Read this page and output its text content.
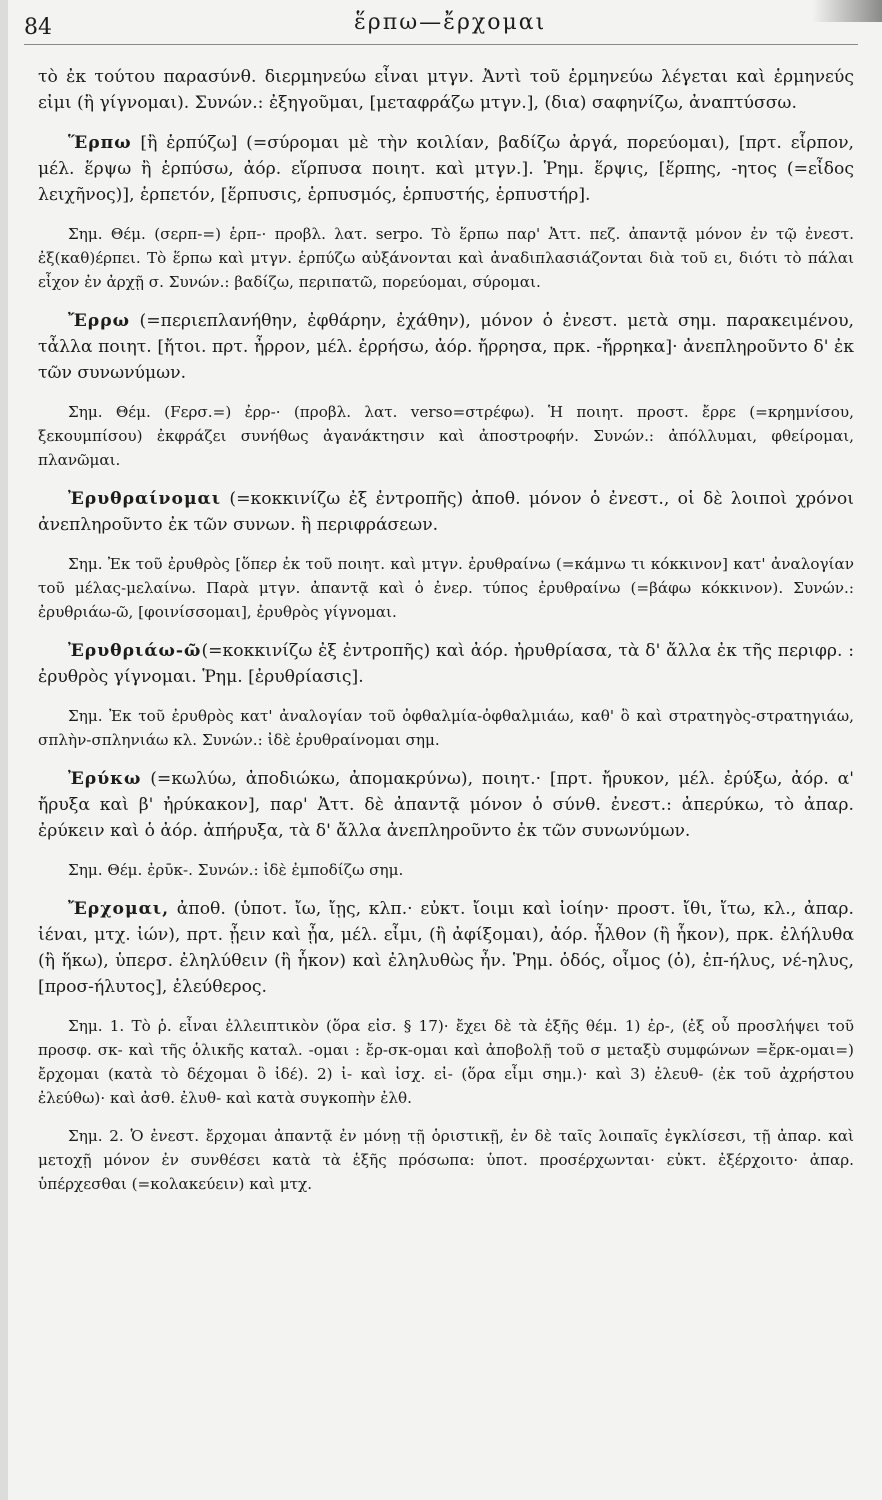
84	ἕρπω—ἔρχομαι
τὸ ἐκ τούτου παρασύνθ. διερμηνεύω εἶναι μτγν. Ἀντὶ τοῦ ἑρμηνεύω λέγεται καὶ ἑρμηνεύς εἰμι (ἢ γίγνομαι). Συνών.: ἐξηγοῦμαι, [μεταφράζω μτγν.], (δια) σαφηνίζω, ἀναπτύσσω.
Ἕρπω [ἢ ἑρπύζω] (=σύρομαι μὲ τὴν κοιλίαν, βαδίζω ἀργά, πορεύομαι), [πρτ. εἷρπον, μέλ. ἕρψω ἢ ἑρπύσω, ἀόρ. εἵρπυσα ποιητ. καὶ μτγν.]. Ῥημ. ἕρψις, [ἕρπης, -ητος (=εἶδος λειχῆνος)], ἑρπετόν, [ἕρπυσις, ἑρπυσμός, ἑρπυστής, ἑρπυστήρ].
Σημ. Θέμ. (σερπ-=) ἑρπ-· προβλ. λατ. serpo. Τὸ ἕρπω παρ' Ἀττ. πεζ. ἀπαντᾷ μόνον ἐν τῷ ἐνεστ. ἐξ(καθ)έρπει. Τὸ ἕρπω καὶ μτγν. ἑρπύζω αὐξάνονται καὶ ἀναδιπλασιάζονται διὰ τοῦ ει, διότι τὸ πάλαι εἶχον ἐν ἀρχῇ σ. Συνών.: βαδίζω, περιπατῶ, πορεύομαι, σύρομαι.
Ἔρρω (=περιεπλανήθην, ἐφθάρην, ἐχάθην), μόνον ὁ ἐνεστ. μετὰ σημ. παρακειμένου, τἆλλα ποιητ. [ἤτοι. πρτ. ἦρρον, μέλ. ἐρρήσω, ἀόρ. ἤρρησα, πρκ. -ἤρρηκα]· ἀνεπληροῦντο δ' ἐκ τῶν συνωνύμων.
Σημ. Θέμ. (Fερσ.=) ἐρρ-· (προβλ. λατ. verso=στρέφω). Ἡ ποιητ. προστ. ἔρρε (=κρημνίσου, ξεκουμπίσου) ἐκφράζει συνήθως ἀγανάκτησιν καὶ ἀποστροφήν. Συνών.: ἀπόλλυμαι, φθείρομαι, πλανῶμαι.
Ἐρυθραίνομαι (=κοκκινίζω ἐξ ἐντροπῆς) ἀποθ. μόνον ὁ ἐνεστ., οἱ δὲ λοιποὶ χρόνοι ἀνεπληροῦντο ἐκ τῶν συνων. ἢ περιφράσεων.
Σημ. Ἐκ τοῦ ἐρυθρὸς [ὅπερ ἐκ τοῦ ποιητ. καὶ μτγν. ἐρυθραίνω (=κάμνω τι κόκκινον] κατ' ἀναλογίαν τοῦ μέλας-μελαίνω. Παρὰ μτγν. ἀπαντᾷ καὶ ὁ ἐνερ. τύπος ἐρυθραίνω (=βάφω κόκκινον). Συνών.: ἐρυθριάω-ῶ, [φοινίσσομαι], ἐρυθρὸς γίγνομαι.
Ἐρυθριάω-ῶ(=κοκκινίζω ἐξ ἐντροπῆς) καὶ ἀόρ. ἠρυθρίασα, τὰ δ' ἄλλα ἐκ τῆς περιφρ. : ἐρυθρὸς γίγνομαι. Ῥημ. [ἐρυθρίασις].
Σημ. Ἐκ τοῦ ἐρυθρὸς κατ' ἀναλογίαν τοῦ ὀφθαλμία-ὀφθαλμιάω, καθ' ὃ καὶ στρατηγὸς-στρατηγιάω, σπλὴν-σπληνιάω κλ. Συνών.: ἰδὲ ἐρυθραίνομαι σημ.
Ἐρύκω (=κωλύω, ἀποδιώκω, ἀπομακρύνω), ποιητ.· [πρτ. ἤρυκον, μέλ. ἐρύξω, ἀόρ. α' ἤρυξα καὶ β' ἠρύκακον], παρ' Ἀττ. δὲ ἀπαντᾷ μόνον ὁ σύνθ. ἐνεστ.: ἀπερύκω, τὸ ἀπαρ. ἐρύκειν καὶ ὁ ἀόρ. ἀπήρυξα, τὰ δ' ἄλλα ἀνεπληροῦντο ἐκ τῶν συνωνύμων.
Σημ. Θέμ. ἐρῡκ-. Συνών.: ἰδὲ ἐμποδίζω σημ.
Ἔρχομαι, ἀποθ. (ὑποτ. ἴω, ἴῃς, κλπ.· εὐκτ. ἴοιμι καὶ ἰοίην· προστ. ἴθι, ἴτω, κλ., ἀπαρ. ἰέναι, μτχ. ἰών), πρτ. ᾖειν καὶ ᾖα, μέλ. εἶμι, (ἢ ἀφίξομαι), ἀόρ. ἦλθον (ἢ ἧκον), πρκ. ἐλήλυθα (ἢ ἥκω), ὑπερσ. ἐληλύθειν (ἢ ἧκον) καὶ ἐληλυθὼς ἦν. Ῥημ. ὁδός, οἶμος (ὁ), ἐπ-ήλυς, νέ-ηλυς, [προσ-ήλυτος], ἐλεύθερος.
Σημ. 1. Τὸ ῥ. εἶναι ἐλλειπτικὸν (ὅρα εἰσ. § 17)· ἔχει δὲ τὰ ἑξῆς θέμ. 1) ἐρ-, (ἐξ οὗ προσλήψει τοῦ προσφ. σκ- καὶ τῆς ὁλικῆς καταλ. -ομαι : ἔρ-σκ-ομαι καὶ ἀποβολῇ τοῦ σ μεταξὺ συμφώνων =ἔρκ-ομαι=) ἔρχομαι (κατὰ τὸ δέχομαι ὃ ἰδέ). 2) ἰ- καὶ ἰσχ. εἰ- (ὅρα εἶμι σημ.)· καὶ 3) ἐλευθ- (ἐκ τοῦ ἀχρήστου ἐλεύθω)· καὶ ἀσθ. ἐλυθ- καὶ κατὰ συγκοπὴν ἐλθ.
Σημ. 2. Ὁ ἐνεστ. ἔρχομαι ἀπαντᾷ ἐν μόνῃ τῇ ὁριστικῇ, ἐν δὲ ταῖς λοιπαῖς ἐγκλίσεσι, τῇ ἀπαρ. καὶ μετοχῇ μόνον ἐν συνθέσει κατὰ τὰ ἑξῆς πρόσωπα: ὑποτ. προσέρχωνται· εὐκτ. ἐξέρχοιτο· ἀπαρ. ὑπέρχεσθαι (=κολακεύειν) καὶ μτχ.
